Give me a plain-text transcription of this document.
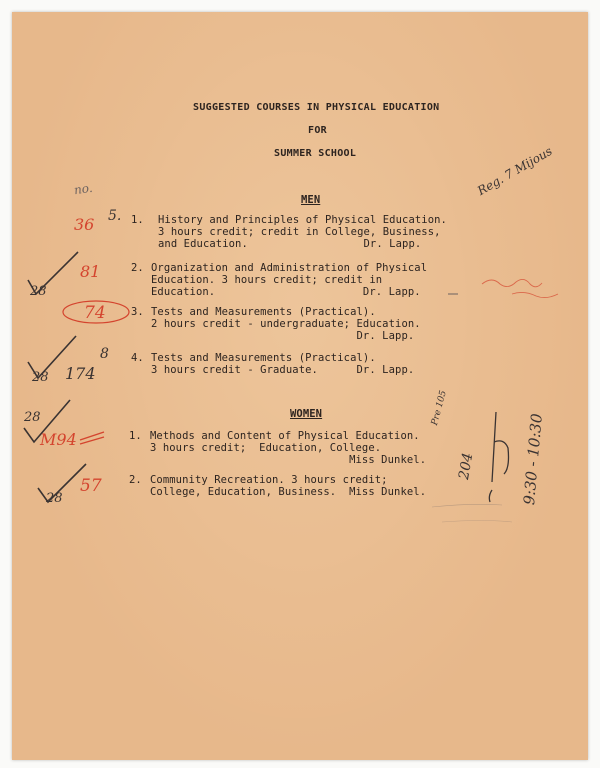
SUGGESTED COURSES IN PHYSICAL EDUCATION
FOR
SUMMER SCHOOL
MEN
1. History and Principles of Physical Education.
3 hours credit; credit in College, Business,
and Education.                  Dr. Lapp.
2. Organization and Administration of Physical
Education. 3 hours credit; credit in
Education.                       Dr. Lapp.
3. Tests and Measurements (Practical).
2 hours credit - undergraduate; Education.
Dr. Lapp.
4. Tests and Measurements (Practical).
3 hours credit - Graduate.      Dr. Lapp.
WOMEN
1. Methods and Content of Physical Education.
3 hours credit;  Education, College.
Miss Dunkel.
2. Community Recreation. 3 hours credit;
College, Education, Business.  Miss Dunkel.
no.
36 5.
81
28
74
8
28 174
28
M94
28
57
Reg. 7 Mijous
Pre 105
204	9:30 - 10:30
